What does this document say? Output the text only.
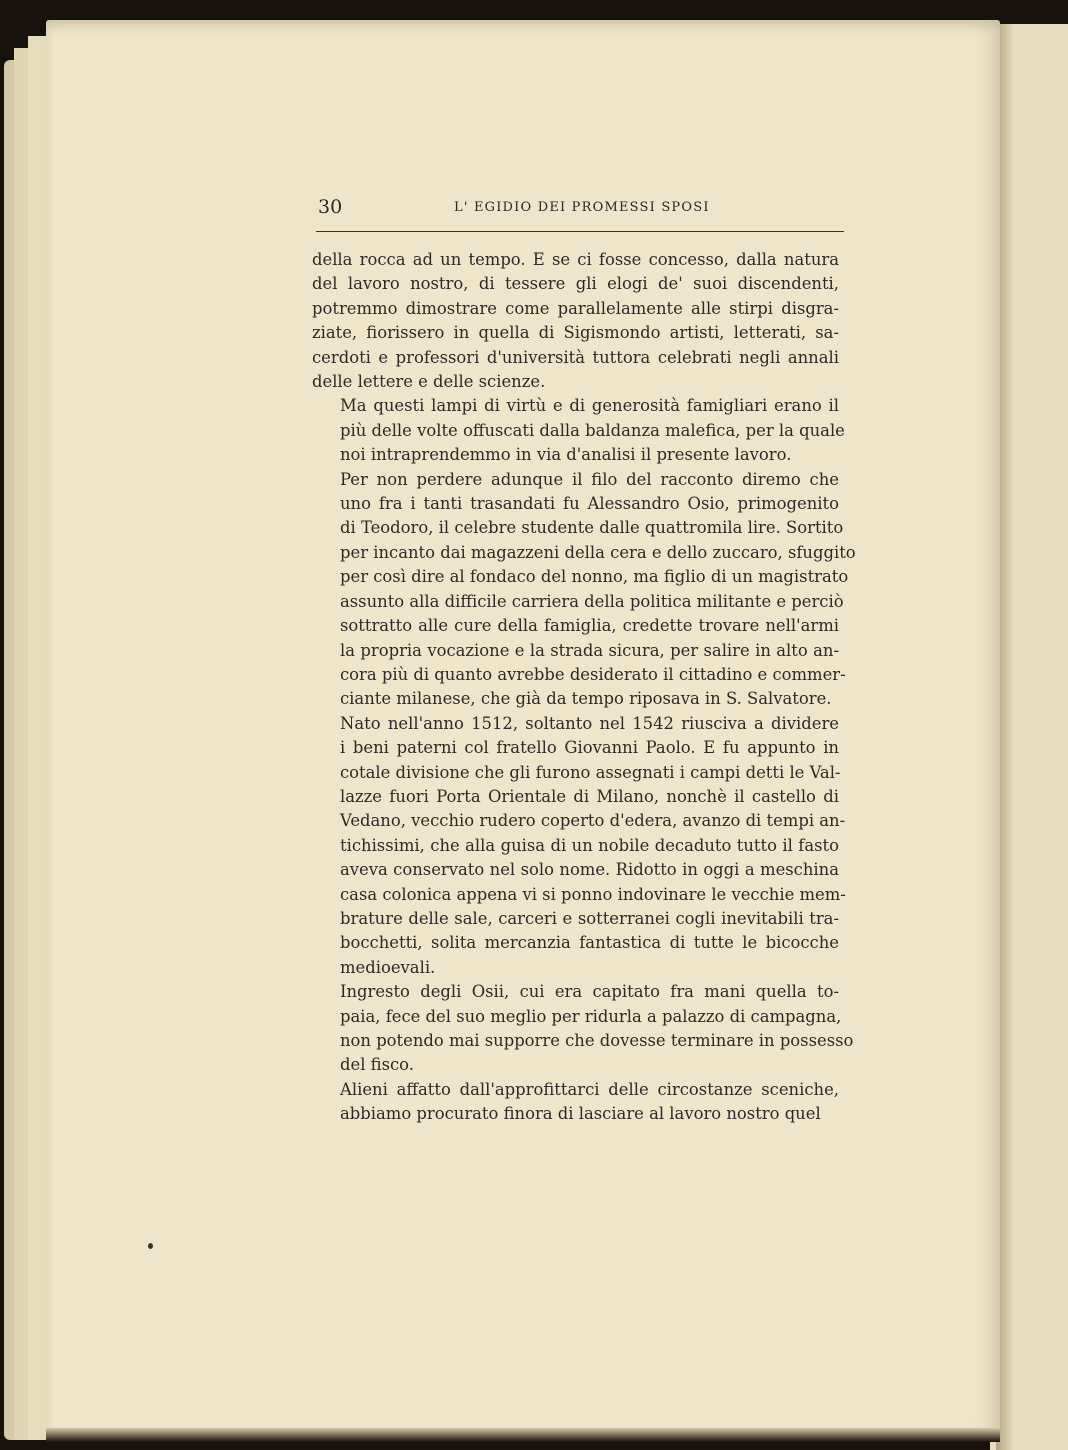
30	L' EGIDIO DEI PROMESSI SPOSI

della rocca ad un tempo. E se ci fosse concesso, dalla natura
del lavoro nostro, di tessere gli elogi de' suoi discendenti,
potremmo dimostrare come parallelamente alle stirpi disgra-
ziate, fiorissero in quella di Sigismondo artisti, letterati, sa-
cerdoti e professori d'università tuttora celebrati negli annali
delle lettere e delle scienze.

Ma questi lampi di virtù e di generosità famigliari erano il
più delle volte offuscati dalla baldanza malefica, per la quale
noi intraprendemmo in via d'analisi il presente lavoro.

Per non perdere adunque il filo del racconto diremo che
uno fra i tanti trasandati fu Alessandro Osio, primogenito
di Teodoro, il celebre studente dalle quattromila lire. Sortito
per incanto dai magazzeni della cera e dello zuccaro, sfuggito
per così dire al fondaco del nonno, ma figlio di un magistrato
assunto alla difficile carriera della politica militante e perciò
sottratto alle cure della famiglia, credette trovare nell'armi
la propria vocazione e la strada sicura, per salire in alto an-
cora più di quanto avrebbe desiderato il cittadino e commer-
ciante milanese, che già da tempo riposava in S. Salvatore.

Nato nell'anno 1512, soltanto nel 1542 riusciva a dividere
i beni paterni col fratello Giovanni Paolo. E fu appunto in
cotale divisione che gli furono assegnati i campi detti le Val-
lazze fuori Porta Orientale di Milano, nonchè il castello di
Vedano, vecchio rudero coperto d'edera, avanzo di tempi an-
tichissimi, che alla guisa di un nobile decaduto tutto il fasto
aveva conservato nel solo nome. Ridotto in oggi a meschina
casa colonica appena vi si ponno indovinare le vecchie mem-
brature delle sale, carceri e sotterranei cogli inevitabili tra-
bocchetti, solita mercanzia fantastica di tutte le bicocche
medioevali.

Ingresto degli Osii, cui era capitato fra mani quella to-
paia, fece del suo meglio per ridurla a palazzo di campagna,
non potendo mai supporre che dovesse terminare in possesso
del fisco.

Alieni affatto dall'approfittarci delle circostanze sceniche,
abbiamo procurato finora di lasciare al lavoro nostro quel
